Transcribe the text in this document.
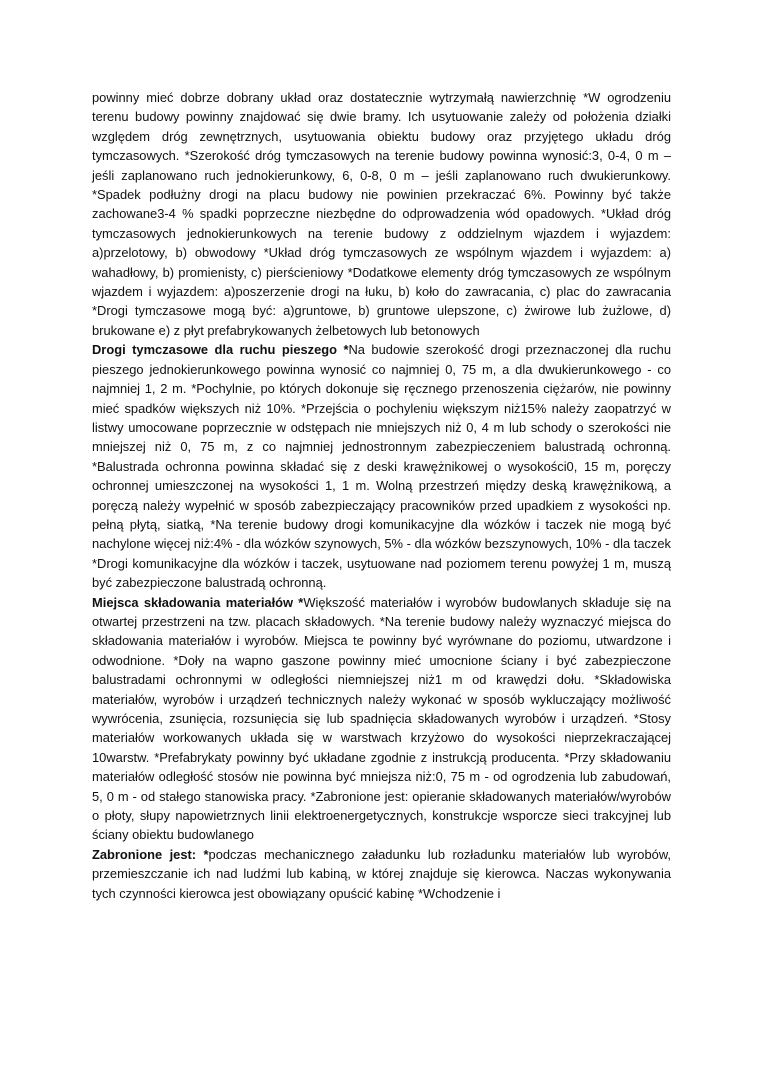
powinny mieć dobrze dobrany układ oraz dostatecznie wytrzymałą nawierzchnię *W ogrodzeniu terenu budowy powinny znajdować się dwie bramy. Ich usytuowanie zależy od położenia działki względem dróg zewnętrznych, usytuowania obiektu budowy oraz przyjętego układu dróg tymczasowych. *Szerokość dróg tymczasowych na terenie budowy powinna wynosić:3, 0-4, 0 m – jeśli zaplanowano ruch jednokierunkowy, 6, 0-8, 0 m – jeśli zaplanowano ruch dwukierunkowy. *Spadek podłużny drogi na placu budowy nie powinien przekraczać 6%. Powinny być także zachowane3-4 % spadki poprzeczne niezbędne do odprowadzenia wód opadowych. *Układ dróg tymczasowych jednokierunkowych na terenie budowy z oddzielnym wjazdem i wyjazdem: a)przelotowy, b) obwodowy *Układ dróg tymczasowych ze wspólnym wjazdem i wyjazdem: a) wahadłowy, b) promienisty, c) pierścieniowy *Dodatkowe elementy dróg tymczasowych ze wspólnym wjazdem i wyjazdem: a)poszerzenie drogi na łuku, b) koło do zawracania, c) plac do zawracania *Drogi tymczasowe mogą być: a)gruntowe, b) gruntowe ulepszone, c) żwirowe lub żużlowe, d) brukowane e) z płyt prefabrykowanych żelbetowych lub betonowych

Drogi tymczasowe dla ruchu pieszego *Na budowie szerokość drogi przeznaczonej dla ruchu pieszego jednokierunkowego powinna wynosić co najmniej 0, 75 m, a dla dwukierunkowego - co najmniej 1, 2 m. *Pochylnie, po których dokonuje się ręcznego przenoszenia ciężarów, nie powinny mieć spadków większych niż 10%. *Przejścia o pochyleniu większym niż15% należy zaopatrzyć w listwy umocowane poprzecznie w odstępach nie mniejszych niż 0, 4 m lub schody o szerokości nie mniejszej niż 0, 75 m, z co najmniej jednostronnym zabezpieczeniem balustradą ochronną. *Balustrada ochronna powinna składać się z deski krawężnikowej o wysokości0, 15 m, poręczy ochronnej umieszczonej na wysokości 1, 1 m. Wolną przestrzeń między deską krawężnikową, a poręczą należy wypełnić w sposób zabezpieczający pracowników przed upadkiem z wysokości np. pełną płytą, siatką, *Na terenie budowy drogi komunikacyjne dla wózków i taczek nie mogą być nachylone więcej niż:4% - dla wózków szynowych, 5% - dla wózków bezszynowych, 10% - dla taczek *Drogi komunikacyjne dla wózków i taczek, usytuowane nad poziomem terenu powyżej 1 m, muszą być zabezpieczone balustradą ochronną.

Miejsca składowania materiałów *Większość materiałów i wyrobów budowlanych składuje się na otwartej przestrzeni na tzw. placach składowych. *Na terenie budowy należy wyznaczyć miejsca do składowania materiałów i wyrobów. Miejsca te powinny być wyrównane do poziomu, utwardzone i odwodnione. *Doły na wapno gaszone powinny mieć umocnione ściany i być zabezpieczone balustradami ochronnymi w odległości niemniejszej niż1 m od krawędzi dołu. *Składowiska materiałów, wyrobów i urządzeń technicznych należy wykonać w sposób wykluczający możliwość wywrócenia, zsunięcia, rozsunięcia się lub spadnięcia składowanych wyrobów i urządzeń. *Stosy materiałów workowanych układa się w warstwach krzyżowo do wysokości nieprzekraczającej 10warstw. *Prefabrykaty powinny być układane zgodnie z instrukcją producenta. *Przy składowaniu materiałów odległość stosów nie powinna być mniejsza niż:0, 75 m - od ogrodzenia lub zabudowań, 5, 0 m - od stałego stanowiska pracy. *Zabronione jest: opieranie składowanych materiałów/wyrobów o płoty, słupy napowietrznych linii elektroenergetycznych, konstrukcje wsporcze sieci trakcyjnej lub ściany obiektu budowlanego

Zabronione jest: *podczas mechanicznego załadunku lub rozładunku materiałów lub wyrobów, przemieszczanie ich nad ludźmi lub kabiną, w której znajduje się kierowca. Naczas wykonywania tych czynności kierowca jest obowiązany opuścić kabinę *Wchodzenie i
